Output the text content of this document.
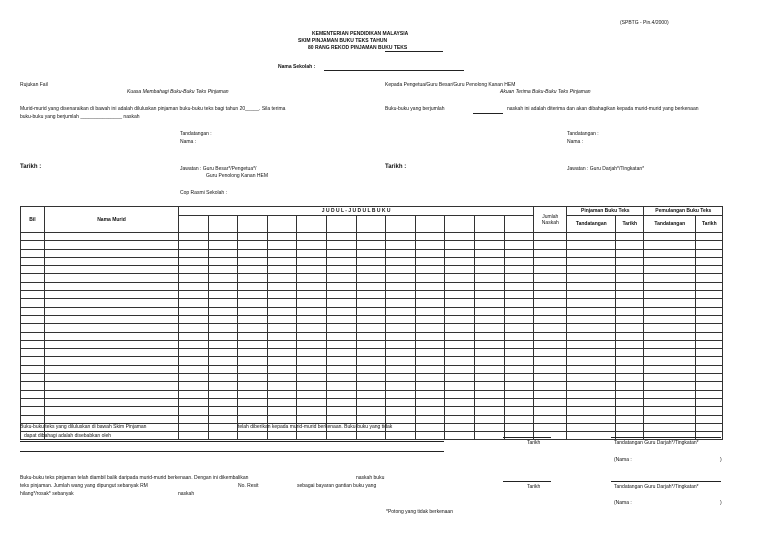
(SPBTG - Pin.4/2000)
KEMENTERIAN PENDIDIKAN MALAYSIA
SKIM PINJAMAN BUKU TEKS TAHUN
80 RANG REKOD PINJAMAN BUKU TEKS
Nama Sekolah :
Rujukan Fail
Kuasa Membahagi Buku-Buku Teks Pinjaman
Murid-murid yang disenaraikan di bawah ini adalah diluluskan pinjaman buku-buku teks bagi tahun 20_____. Sila terima
buku-buku yang berjumlah _______________ naskah
Tandatangan :
Nama :
Tarikh :	Jawatan : Guru Besar*/Pengetua*/
Guru Penolong Kanan HEM
Cop Rasmi Sekolah :
Kepada Pengetua/Guru Besar/Guru Penolong Kanan HEM
Akuan Terima Buku-Buku Teks Pinjaman
Buku-buku yang berjumlah	naskah ini adalah diterima dan akan dibahagikan kepada murid-murid yang berkenaan
Tandatangan :
Nama :
Tarikh :	Jawatan : Guru Darjah*/Tingkatan*
Bil	Nama Murid	J U D U L - J U D U L B U K U												Jumlah Naskah	Pinjaman Buku Teks		Pemulangan Buku Teks	
															Tandatangan	Tarikh	Tandatangan	Tarikh

Buku-buku teks yang diluluskan di bawah Skim Pinjaman	telah diberikan kepada murid-murid berkenaan. Buku-buku yang tidak
dapat dibahagi adalah disebabkan oleh
Tarikh	Tandatangan Guru Darjah*/Tingkatan*
(Nama :	)
Buku-buku teks pinjaman telah diambil balik daripada murid-murid berkenaan. Dengan ini dikembalikan	naskah buku
teks pinjaman. Jumlah wang yang dipungut sebanyak RM	No. Resit	sebagai bayaran gantian buku yang
hilang*/rosak* sebanyak	naskah
Tarikh	Tandatangan Guru Darjah*/Tingkatan*
(Nama :	)
*Potong yang tidak berkenaan
